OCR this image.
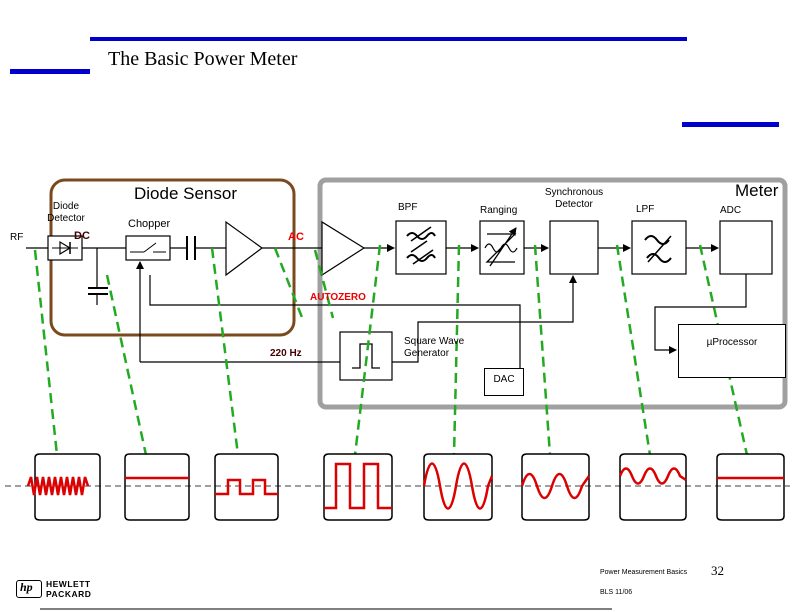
The Basic Power Meter
RF
Diode
Detector
DC
Diode Sensor
Chopper
AC
BPF	Ranging
Synchronous
Detector	LPF	ADC
Meter
AUTOZERO
220 Hz
Square Wave
Generator
DAC
µProcessor
hp HEWLETT
PACKARD
Power Measurement Basics 32
BLS 11/06
